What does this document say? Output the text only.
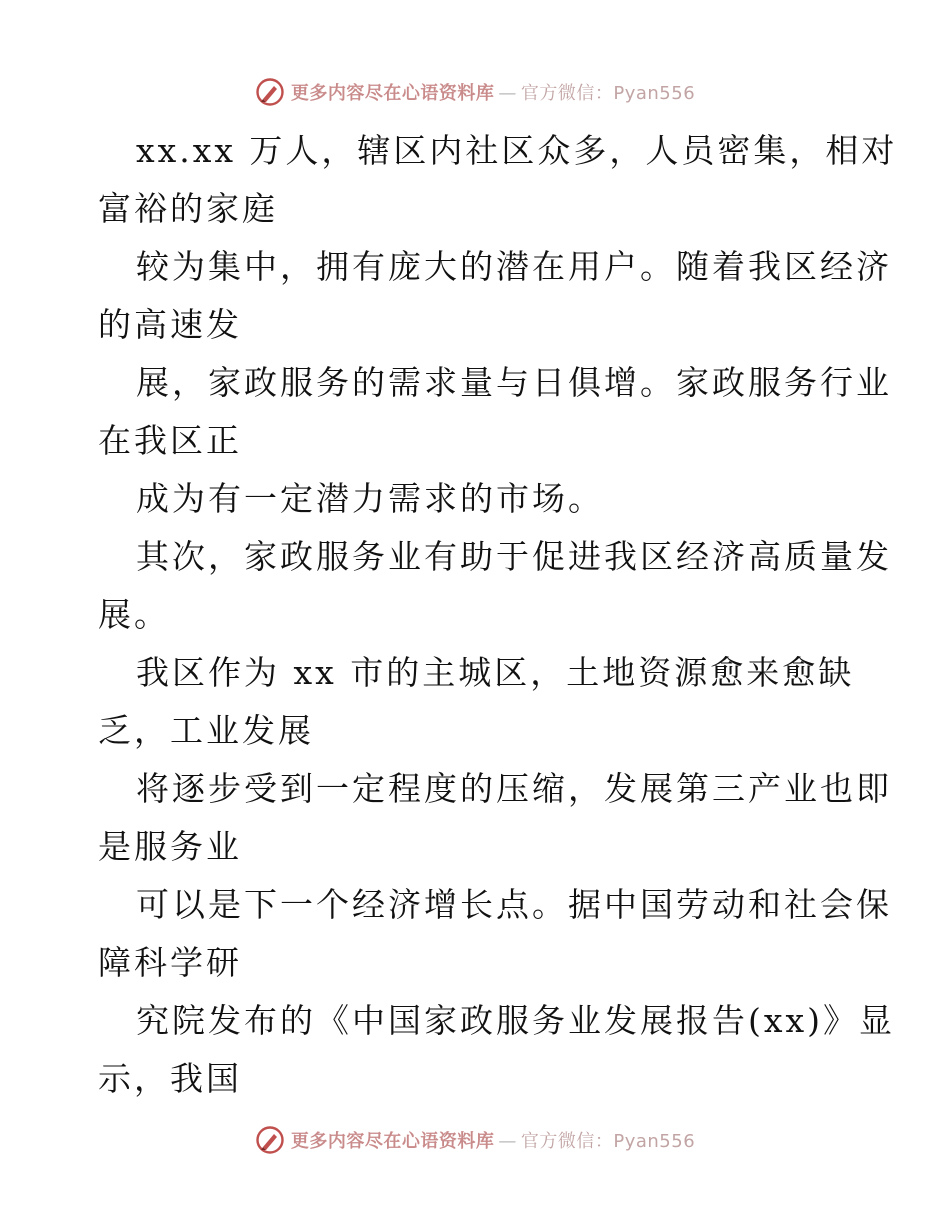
更多内容尽在心语资料库 — 官方微信：Pyan556
xx.xx 万人，辖区内社区众多，人员密集，相对
富裕的家庭
较为集中，拥有庞大的潜在用户。随着我区经济
的高速发
展，家政服务的需求量与日俱增。家政服务行业
在我区正
成为有一定潜力需求的市场。
其次，家政服务业有助于促进我区经济高质量发
展。
我区作为 xx 市的主城区，土地资源愈来愈缺
乏，工业发展
将逐步受到一定程度的压缩，发展第三产业也即
是服务业
可以是下一个经济增长点。据中国劳动和社会保
障科学研
究院发布的《中国家政服务业发展报告(xx)》显
示，我国
更多内容尽在心语资料库 — 官方微信：Pyan556
